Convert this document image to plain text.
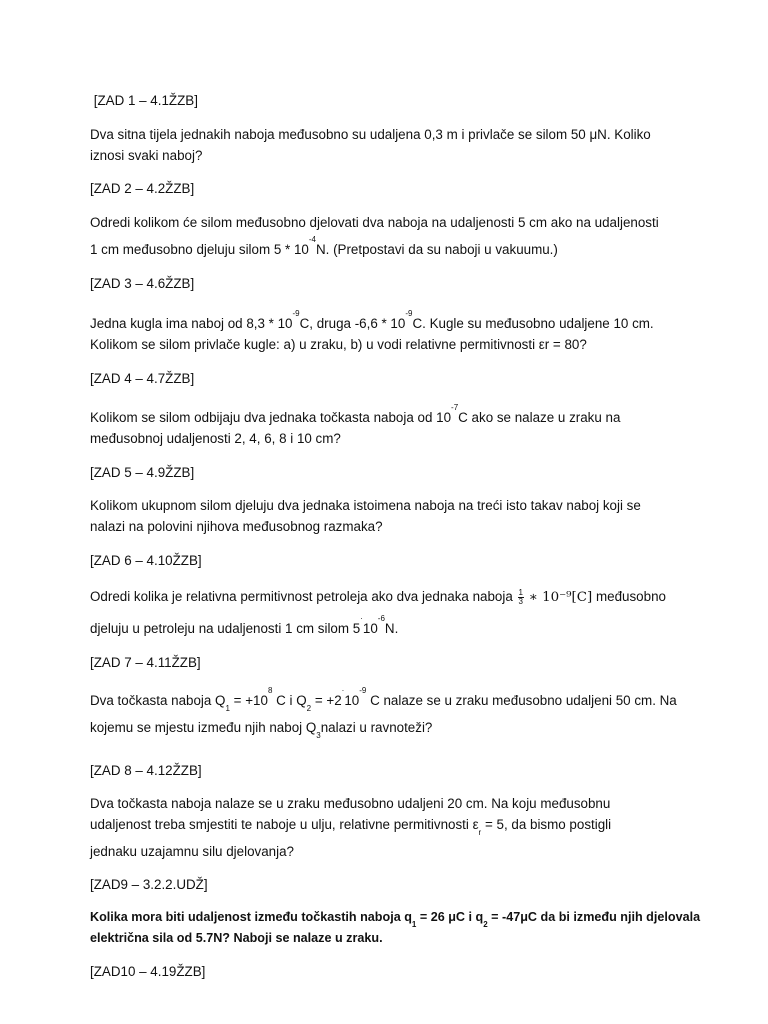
[ZAD 1 – 4.1ŽZB]
Dva sitna tijela jednakih naboja međusobno su udaljena 0,3 m i privlače se silom 50 μN. Koliko
iznosi svaki naboj?
[ZAD 2 – 4.2ŽZB]
Odredi kolikom će silom međusobno djelovati dva naboja na udaljenosti 5 cm ako na udaljenosti
1 cm međusobno djeluju silom $5 * 10^{-4}N$. (Pretpostavi da su naboji u vakuumu.)
[ZAD 3 – 4.6ŽZB]
Jedna kugla ima naboj od $8,3 * 10^{-9}C$, druga $-6,6 * 10^{-9}C$. Kugle su međusobno udaljene 10 cm.
Kolikom se silom privlače kugle: a) u zraku, b) u vodi relativne permitivnosti εr = 80?
[ZAD 4 – 4.7ŽZB]
Kolikom se silom odbijaju dva jednaka točkasta naboja od $10^{-7}C$ ako se nalaze u zraku na
međusobnoj udaljenosti 2, 4, 6, 8 i 10 cm?
[ZAD 5 – 4.9ŽZB]
Kolikom ukupnom silom djeluju dva jednaka istoimena naboja na treći isto takav naboj koji se
nalazi na polovini njihova međusobnog razmaka?
[ZAD 6 – 4.10ŽZB]
Odredi kolika je relativna permitivnost petroleja ako dva jednaka naboja $\frac{1}{3}$ ∗ 10⁻⁹[C] međusobno
djeluju u petroleju na udaljenosti 1 cm silom $5^\cdot 10^{-6}N$.
[ZAD 7 – 4.11ŽZB]
Dva točkasta naboja $Q_1 = +10^8$ C i $Q_2 = +2^\cdot 10^{-9}$ C nalaze se u zraku međusobno udaljeni 50 cm. Na
kojemu se mjestu između njih naboj $Q_3nalazi$ u ravnoteži?
[ZAD 8 – 4.12ŽZB]
Dva točkasta naboja nalaze se u zraku međusobno udaljeni 20 cm. Na koju međusobnu
udaljenost treba smjestiti te naboje u ulju, relativne permitivnosti $\varepsilon_r = 5$, da bismo postigli
jednaku uzajamnu silu djelovanja?
[ZAD9 – 3.2.2.UDŽ]
Kolika mora biti udaljenost između točkastih naboja $q_1 = 26$ μC i $q_2 = -47\mu C$ da bi između njih djelovala
električna sila od 5.7N? Naboji se nalaze u zraku.
[ZAD10 – 4.19ŽZB]
